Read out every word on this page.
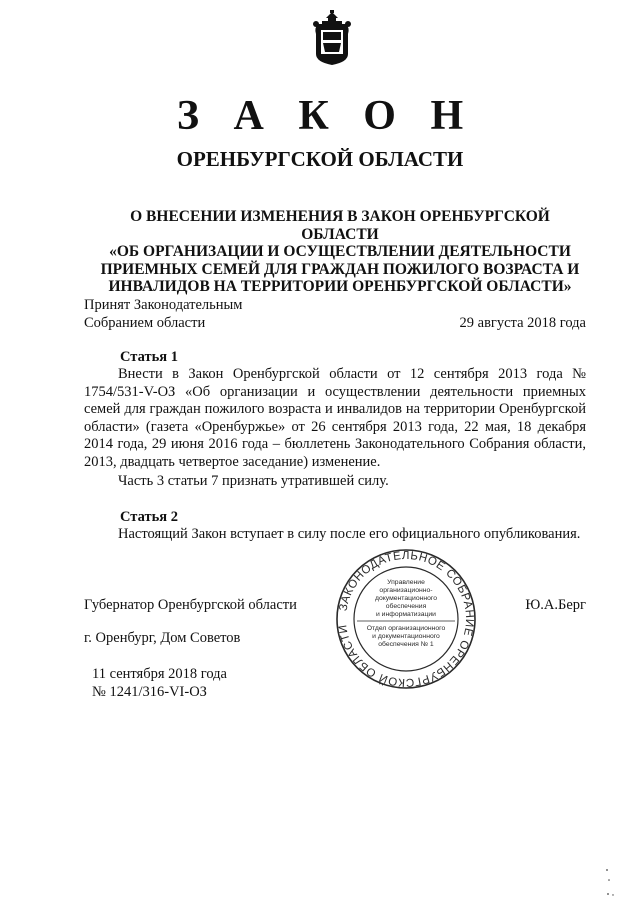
З А К О Н
ОРЕНБУРГСКОЙ ОБЛАСТИ
О ВНЕСЕНИИ ИЗМЕНЕНИЯ В ЗАКОН ОРЕНБУРГСКОЙ ОБЛАСТИ
«ОБ ОРГАНИЗАЦИИ И ОСУЩЕСТВЛЕНИИ ДЕЯТЕЛЬНОСТИ
ПРИЕМНЫХ СЕМЕЙ ДЛЯ ГРАЖДАН ПОЖИЛОГО ВОЗРАСТА И
ИНВАЛИДОВ НА ТЕРРИТОРИИ ОРЕНБУРГСКОЙ ОБЛАСТИ»
Принят Законодательным
Собранием области	29 августа 2018 года
Статья 1
Внести в Закон Оренбургской области от 12 сентября 2013 года № 1754/531-V-ОЗ «Об организации и осуществлении деятельности приемных семей для граждан пожилого возраста и инвалидов на территории Оренбургской области» (газета «Оренбуржье» от 26 сентября 2013 года, 22 мая, 18 декабря 2014 года, 29 июня 2016 года – бюллетень Законодательного Собрания области, 2013, двадцать четвертое заседание) изменение.
Часть 3 статьи 7 признать утратившей силу.
Статья 2
Настоящий Закон вступает в силу после его официального опубликования.
Губернатор Оренбургской области	Ю.А.Берг
г. Оренбург, Дом Советов
11 сентября 2018 года
№ 1241/316-VI-ОЗ
ЗАКОНОДАТЕЛЬНОЕ СОБРАНИЕ ОРЕНБУРГСКОЙ ОБЛАСТИ
Управление
организационно-
документационного
обеспечения
и информатизации
Отдел организационного
и документационного
обеспечения № 1
